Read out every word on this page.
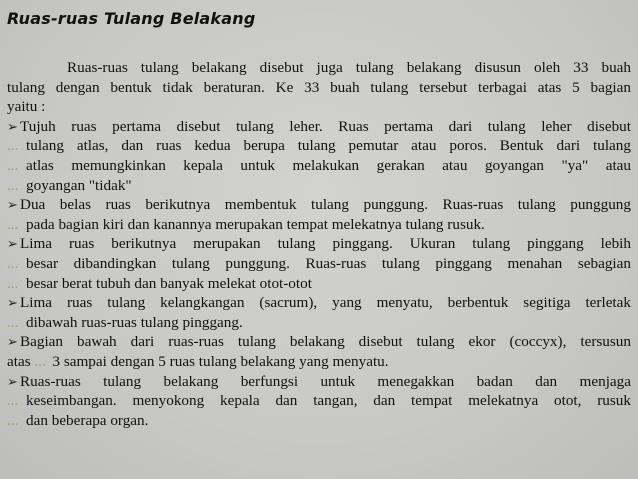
Ruas-ruas Tulang Belakang
Ruas-ruas tulang belakang disebut juga tulang belakang disusun oleh 33 buah
tulang dengan bentuk tidak beraturan. Ke 33 buah tulang tersebut terbagai atas 5 bagian
yaitu :
➢ Tujuh ruas pertama disebut tulang leher. Ruas pertama dari tulang leher disebut
... tulang atlas, dan ruas kedua berupa tulang pemutar atau poros. Bentuk dari tulang
... atlas memungkinkan kepala untuk melakukan gerakan atau goyangan "ya" atau
... goyangan "tidak"
➢ Dua belas ruas berikutnya membentuk tulang punggung. Ruas-ruas tulang punggung
... pada bagian kiri dan kanannya merupakan tempat melekatnya tulang rusuk.
➢ Lima ruas berikutnya merupakan tulang pinggang. Ukuran tulang pinggang lebih
... besar dibandingkan tulang punggung. Ruas-ruas tulang pinggang menahan sebagian
... besar berat tubuh dan banyak melekat otot-otot
➢ Lima ruas tulang kelangkangan (sacrum), yang menyatu, berbentuk segitiga terletak
... dibawah ruas-ruas tulang pinggang.
➢ Bagian bawah dari ruas-ruas tulang belakang disebut tulang ekor (coccyx), tersusun
atas ... 3 sampai dengan 5 ruas tulang belakang yang menyatu.
➢ Ruas-ruas tulang belakang berfungsi untuk menegakkan badan dan menjaga
... keseimbangan. menyokong kepala dan tangan, dan tempat melekatnya otot, rusuk
... dan beberapa organ.
